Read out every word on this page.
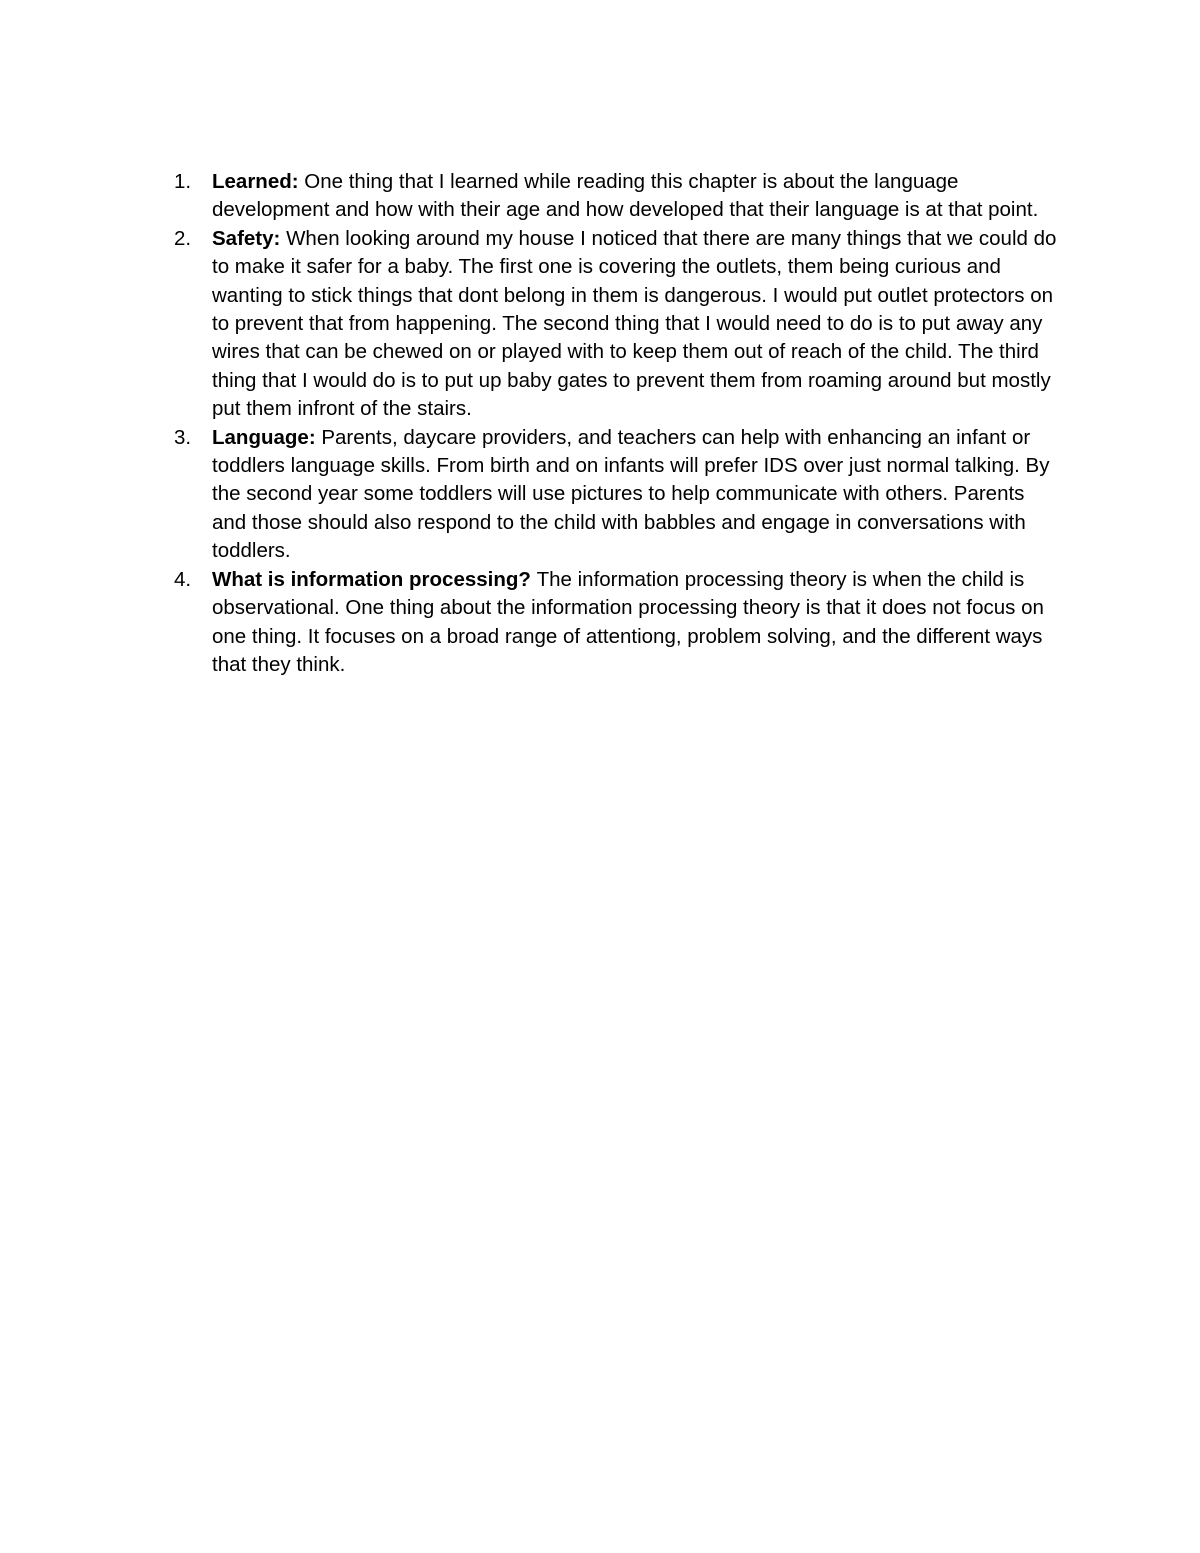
1. Learned: One thing that I learned while reading this chapter is about the language development and how with their age and how developed that their language is at that point.
2. Safety: When looking around my house I noticed that there are many things that we could do to make it safer for a baby. The first one is covering the outlets, them being curious and wanting to stick things that dont belong in them is dangerous. I would put outlet protectors on to prevent that from happening. The second thing that I would need to do is to put away any wires that can be chewed on or played with to keep them out of reach of the child. The third thing that I would do is to put up baby gates to prevent them from roaming around but mostly put them infront of the stairs.
3. Language: Parents, daycare providers, and teachers can help with enhancing an infant or toddlers language skills. From birth and on infants will prefer IDS over just normal talking. By the second year some toddlers will use pictures to help communicate with others. Parents and those should also respond to the child with babbles and engage in conversations with toddlers.
4. What is information processing? The information processing theory is when the child is observational. One thing about the information processing theory is that it does not focus on one thing. It focuses on a broad range of attentiong, problem solving, and the different ways that they think.
